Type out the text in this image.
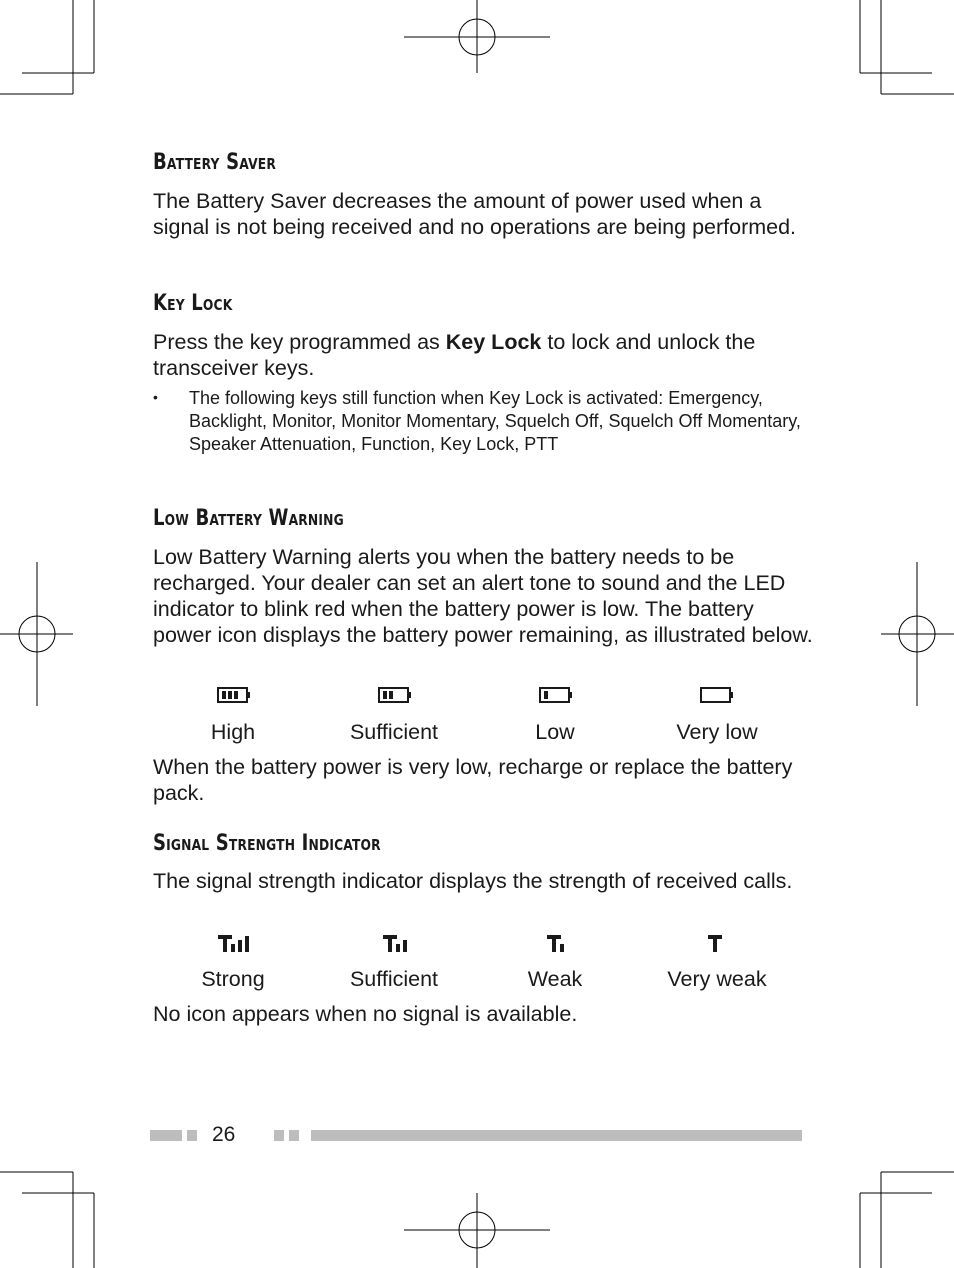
Battery Saver

The Battery Saver decreases the amount of power used when a signal is not being received and no operations are being performed.

Key Lock

Press the key programmed as Key Lock to lock and unlock the transceiver keys.

• The following keys still function when Key Lock is activated: Emergency, Backlight, Monitor, Monitor Momentary, Squelch Off, Squelch Off Momentary, Speaker Attenuation, Function, Key Lock, PTT
Low Battery Warning

Low Battery Warning alerts you when the battery needs to be recharged. Your dealer can set an alert tone to sound and the LED indicator to blink red when the battery power is low. The battery power icon displays the battery power remaining, as illustrated below.

High	Sufficient	Low	Very low

When the battery power is very low, recharge or replace the battery pack.

Signal Strength Indicator

The signal strength indicator displays the strength of received calls.

Strong	Sufficient	Weak	Very weak

No icon appears when no signal is available.

26
